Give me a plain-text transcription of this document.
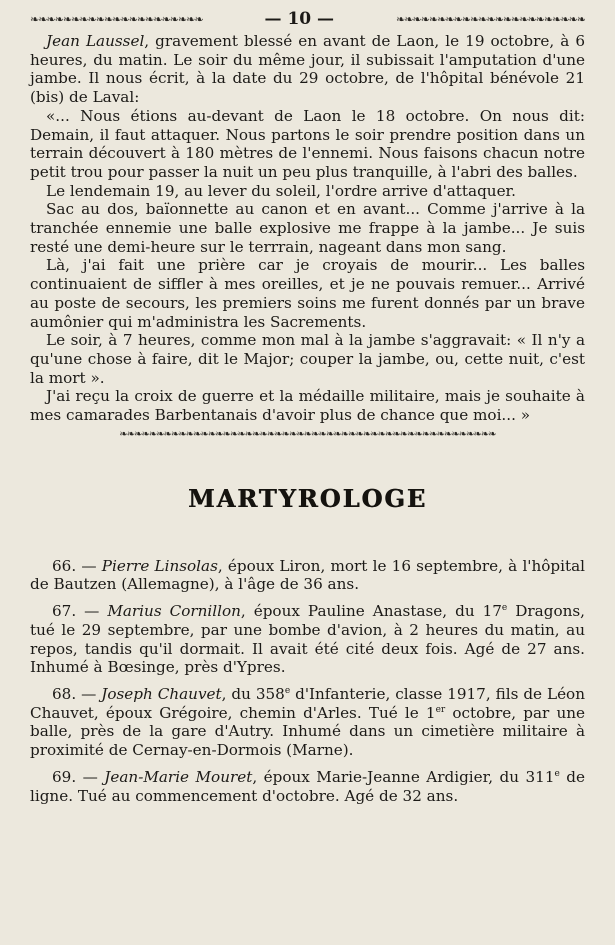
❧❧❧❧❧❧❧❧❧❧❧❧❧❧❧❧❧❧❧❧❧	— 10 —	❧❧❧❧❧❧❧❧❧❧❧❧❧❧❧❧❧❧❧❧❧❧❧

Jean Laussel, gravement blessé en avant de Laon, le 19 octobre, à 6 heures, du matin. Le soir du même jour, il subissait l'amputation d'une jambe. Il nous écrit, à la date du 29 octobre, de l'hôpital bénévole 21 (bis) de Laval:

«... Nous étions au-devant de Laon le 18 octobre. On nous dit: Demain, il faut attaquer. Nous partons le soir prendre position dans un terrain découvert à 180 mètres de l'ennemi. Nous faisons chacun notre petit trou pour passer la nuit un peu plus tranquille, à l'abri des balles.

Le lendemain 19, au lever du soleil, l'ordre arrive d'attaquer.

Sac au dos, baïonnette au canon et en avant... Comme j'arrive à la tranchée ennemie une balle explosive me frappe à la jambe... Je suis resté une demi-heure sur le terrrain, nageant dans mon sang.

Là, j'ai fait une prière car je croyais de mourir... Les balles continuaient de siffler à mes oreilles, et je ne pouvais remuer... Arrivé au poste de secours, les premiers soins me furent donnés par un brave aumônier qui m'administra les Sacrements.

Le soir, à 7 heures, comme mon mal à la jambe s'aggravait: « Il n'y a qu'une chose à faire, dit le Major; couper la jambe, ou, cette nuit, c'est la mort ».

J'ai reçu la croix de guerre et la médaille militaire, mais je souhaite à mes camarades Barbentanais d'avoir plus de chance que moi... »

❧❧❧❧❧❧❧❧❧❧❧❧❧❧❧❧❧❧❧❧❧❧❧❧❧❧❧❧❧❧❧❧❧❧❧❧❧❧❧❧❧❧❧❧❧❧❧❧❧❧❧
MARTYROLOGE

66. — Pierre Linsolas, époux Liron, mort le 16 septembre, à l'hôpital de Bautzen (Allemagne), à l'âge de 36 ans.

67. — Marius Cornillon, époux Pauline Anastase, du 17e Dragons, tué le 29 septembre, par une bombe d'avion, à 2 heures du matin, au repos, tandis qu'il dormait. Il avait été cité deux fois. Agé de 27 ans. Inhumé à Bœsinge, près d'Ypres.

68. — Joseph Chauvet, du 358e d'Infanterie, classe 1917, fils de Léon Chauvet, époux Grégoire, chemin d'Arles. Tué le 1er octobre, par une balle, près de la gare d'Autry. Inhumé dans un cimetière militaire à proximité de Cernay-en-Dormois (Marne).

69. — Jean-Marie Mouret, époux Marie-Jeanne Ardigier, du 311e de ligne. Tué au commencement d'octobre. Agé de 32 ans.
